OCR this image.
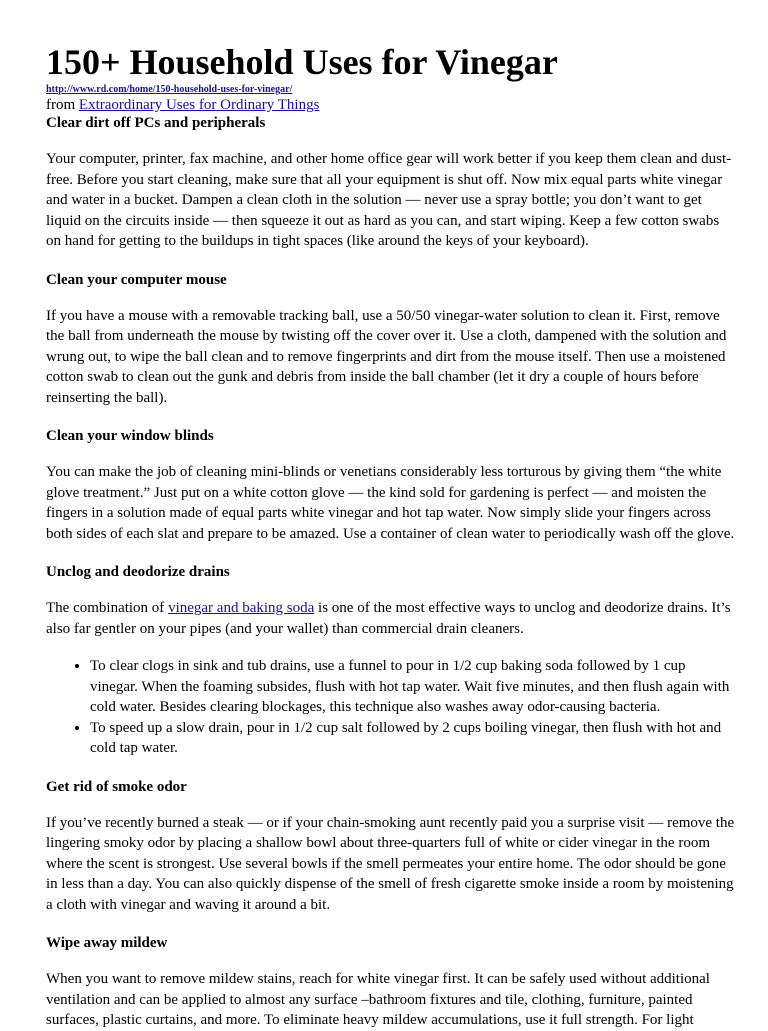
150+ Household Uses for Vinegar
http://www.rd.com/home/150-household-uses-for-vinegar/
from Extraordinary Uses for Ordinary Things
Clear dirt off PCs and peripherals

Your computer, printer, fax machine, and other home office gear will work better if you keep them clean and dust-free. Before you start cleaning, make sure that all your equipment is shut off. Now mix equal parts white vinegar and water in a bucket. Dampen a clean cloth in the solution — never use a spray bottle; you don’t want to get liquid on the circuits inside — then squeeze it out as hard as you can, and start wiping. Keep a few cotton swabs on hand for getting to the buildups in tight spaces (like around the keys of your keyboard).

Clean your computer mouse

If you have a mouse with a removable tracking ball, use a 50/50 vinegar-water solution to clean it. First, remove the ball from underneath the mouse by twisting off the cover over it. Use a cloth, dampened with the solution and wrung out, to wipe the ball clean and to remove fingerprints and dirt from the mouse itself. Then use a moistened cotton swab to clean out the gunk and debris from inside the ball chamber (let it dry a couple of hours before reinserting the ball).

Clean your window blinds

You can make the job of cleaning mini-blinds or venetians considerably less torturous by giving them “the white glove treatment.” Just put on a white cotton glove — the kind sold for gardening is perfect — and moisten the fingers in a solution made of equal parts white vinegar and hot tap water. Now simply slide your fingers across both sides of each slat and prepare to be amazed. Use a container of clean water to periodically wash off the glove.

Unclog and deodorize drains

The combination of vinegar and baking soda is one of the most effective ways to unclog and deodorize drains. It’s also far gentler on your pipes (and your wallet) than commercial drain cleaners.

• To clear clogs in sink and tub drains, use a funnel to pour in 1/2 cup baking soda followed by 1 cup vinegar. When the foaming subsides, flush with hot tap water. Wait five minutes, and then flush again with cold water. Besides clearing blockages, this technique also washes away odor-causing bacteria.
• To speed up a slow drain, pour in 1/2 cup salt followed by 2 cups boiling vinegar, then flush with hot and cold tap water.
Get rid of smoke odor

If you’ve recently burned a steak — or if your chain-smoking aunt recently paid you a surprise visit — remove the lingering smoky odor by placing a shallow bowl about three-quarters full of white or cider vinegar in the room where the scent is strongest. Use several bowls if the smell permeates your entire home. The odor should be gone in less than a day. You can also quickly dispense of the smell of fresh cigarette smoke inside a room by moistening a cloth with vinegar and waving it around a bit.

Wipe away mildew

When you want to remove mildew stains, reach for white vinegar first. It can be safely used without additional ventilation and can be applied to almost any surface –bathroom fixtures and tile, clothing, furniture, painted surfaces, plastic curtains, and more. To eliminate heavy mildew accumulations, use it full strength. For light
